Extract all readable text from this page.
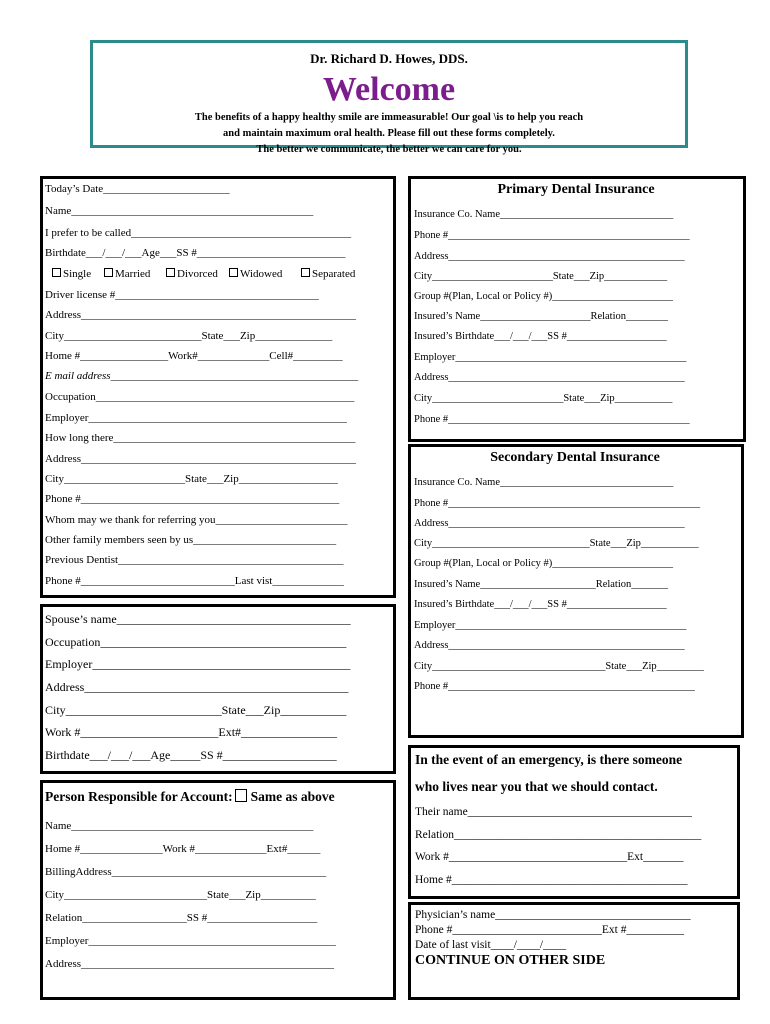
Dr. Richard D. Howes, DDS.
Welcome
The benefits of a happy healthy smile are immeasurable! Our goal \is to help you reach
and maintain maximum oral health. Please fill out these forms completely.
The better we communicate, the better we can care for you.
Today’s Date_______________________
Name____________________________________________
I prefer to be called________________________________________
Birthdate___/___/___Age___SS #___________________________
Single	Married	Divorced	Widowed	Separated
Driver license #_____________________________________
Address__________________________________________________
City_________________________State___Zip______________
Home #________________Work#_____________Cell#_________
E mail address_____________________________________________
Occupation_______________________________________________
Employer_______________________________________________
How long there____________________________________________
Address__________________________________________________
City______________________State___Zip__________________
Phone #_______________________________________________
Whom may we thank for referring you________________________
Other family members seen by us__________________________
Previous Dentist_________________________________________
Phone #____________________________Last vist_____________
Spouse’s name_______________________________________
Occupation_________________________________________
Employer___________________________________________
Address____________________________________________
City__________________________State___Zip___________
Work #_______________________Ext#________________
Birthdate___/___/___Age_____SS #___________________
Person Responsible for Account: Same as above
Name____________________________________________
Home #_______________Work #_____________Ext#______
BillingAddress_______________________________________
City__________________________State___Zip__________
Relation___________________SS #____________________
Employer_____________________________________________
Address______________________________________________
Primary Dental Insurance
Insurance Co. Name_________________________________
Phone #______________________________________________
Address_____________________________________________
City_______________________State___Zip____________
Group #(Plan, Local or Policy #)_______________________
Insured’s Name_____________________Relation________
Insured’s Birthdate___/___/___SS #___________________
Employer____________________________________________
Address_____________________________________________
City_________________________State___Zip___________
Phone #______________________________________________
Secondary Dental Insurance
Insurance Co. Name_________________________________
Phone #________________________________________________
Address_____________________________________________
City______________________________State___Zip___________
Group #(Plan, Local or Policy #)_______________________
Insured’s Name______________________Relation_______
Insured’s Birthdate___/___/___SS #___________________
Employer____________________________________________
Address_____________________________________________
City_________________________________State___Zip_________
Phone #_______________________________________________
In the event of an emergency, is there someone
who lives near you that we should contact.
Their name_______________________________________
Relation___________________________________________
Work #_______________________________Ext_______
Home #_________________________________________
Physician’s name__________________________________
Phone #__________________________Ext #__________
Date of last visit____/____/____
CONTINUE ON OTHER SIDE
